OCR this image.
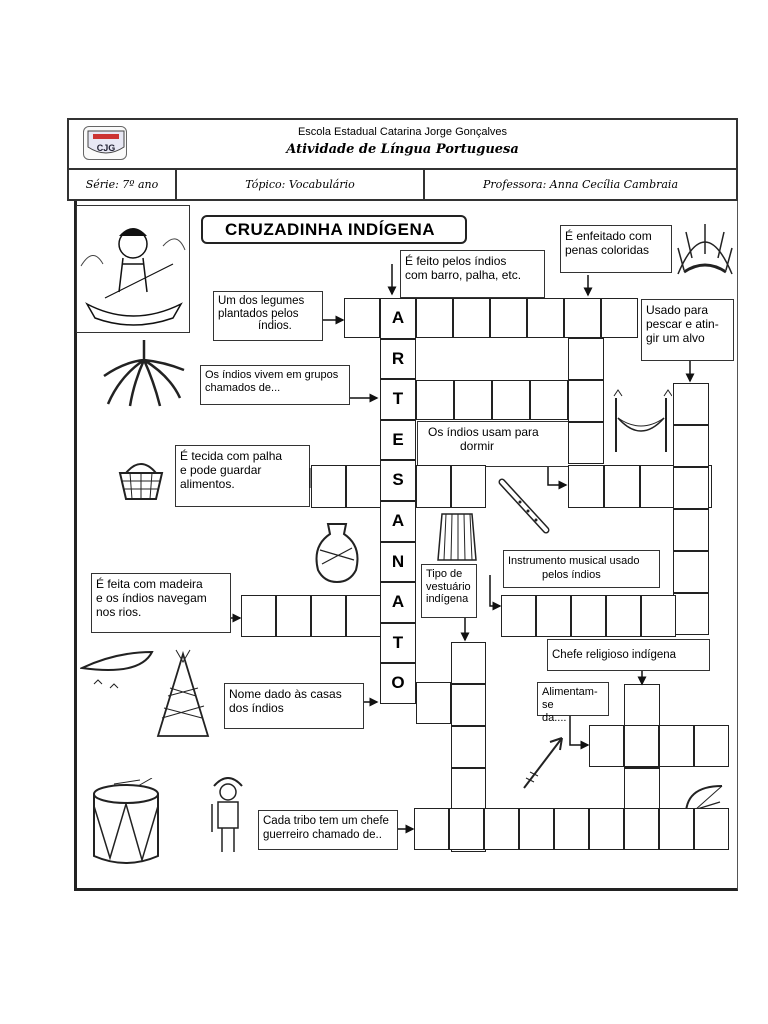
CJG
Escola Estadual Catarina Jorge Gonçalves
Atividade de Língua Portuguesa
Série: 7º ano	Tópico: Vocabulário	Professora: Anna Cecília Cambraia
CRUZADINHA INDÍGENA
Um dos legumes
plantados pelos
índios.
Os índios vivem em grupos
chamados de...
É feito pelos índios
com barro, palha, etc.
É enfeitado com
penas coloridas
Usado para
pescar e atin-
gir um alvo
Os índios usam para
dormir
É tecida com palha
e pode guardar
alimentos.
É feita com madeira
e os índios navegam
nos rios.
Tipo de
vestuário
indígena
Instrumento musical usado
pelos índios
Chefe religioso indígena
Alimentam-se
da....
Nome dado às casas
dos índios
Cada tribo tem um chefe
guerreiro chamado de..
A
R
T
E
S
A
N
A
T
O
